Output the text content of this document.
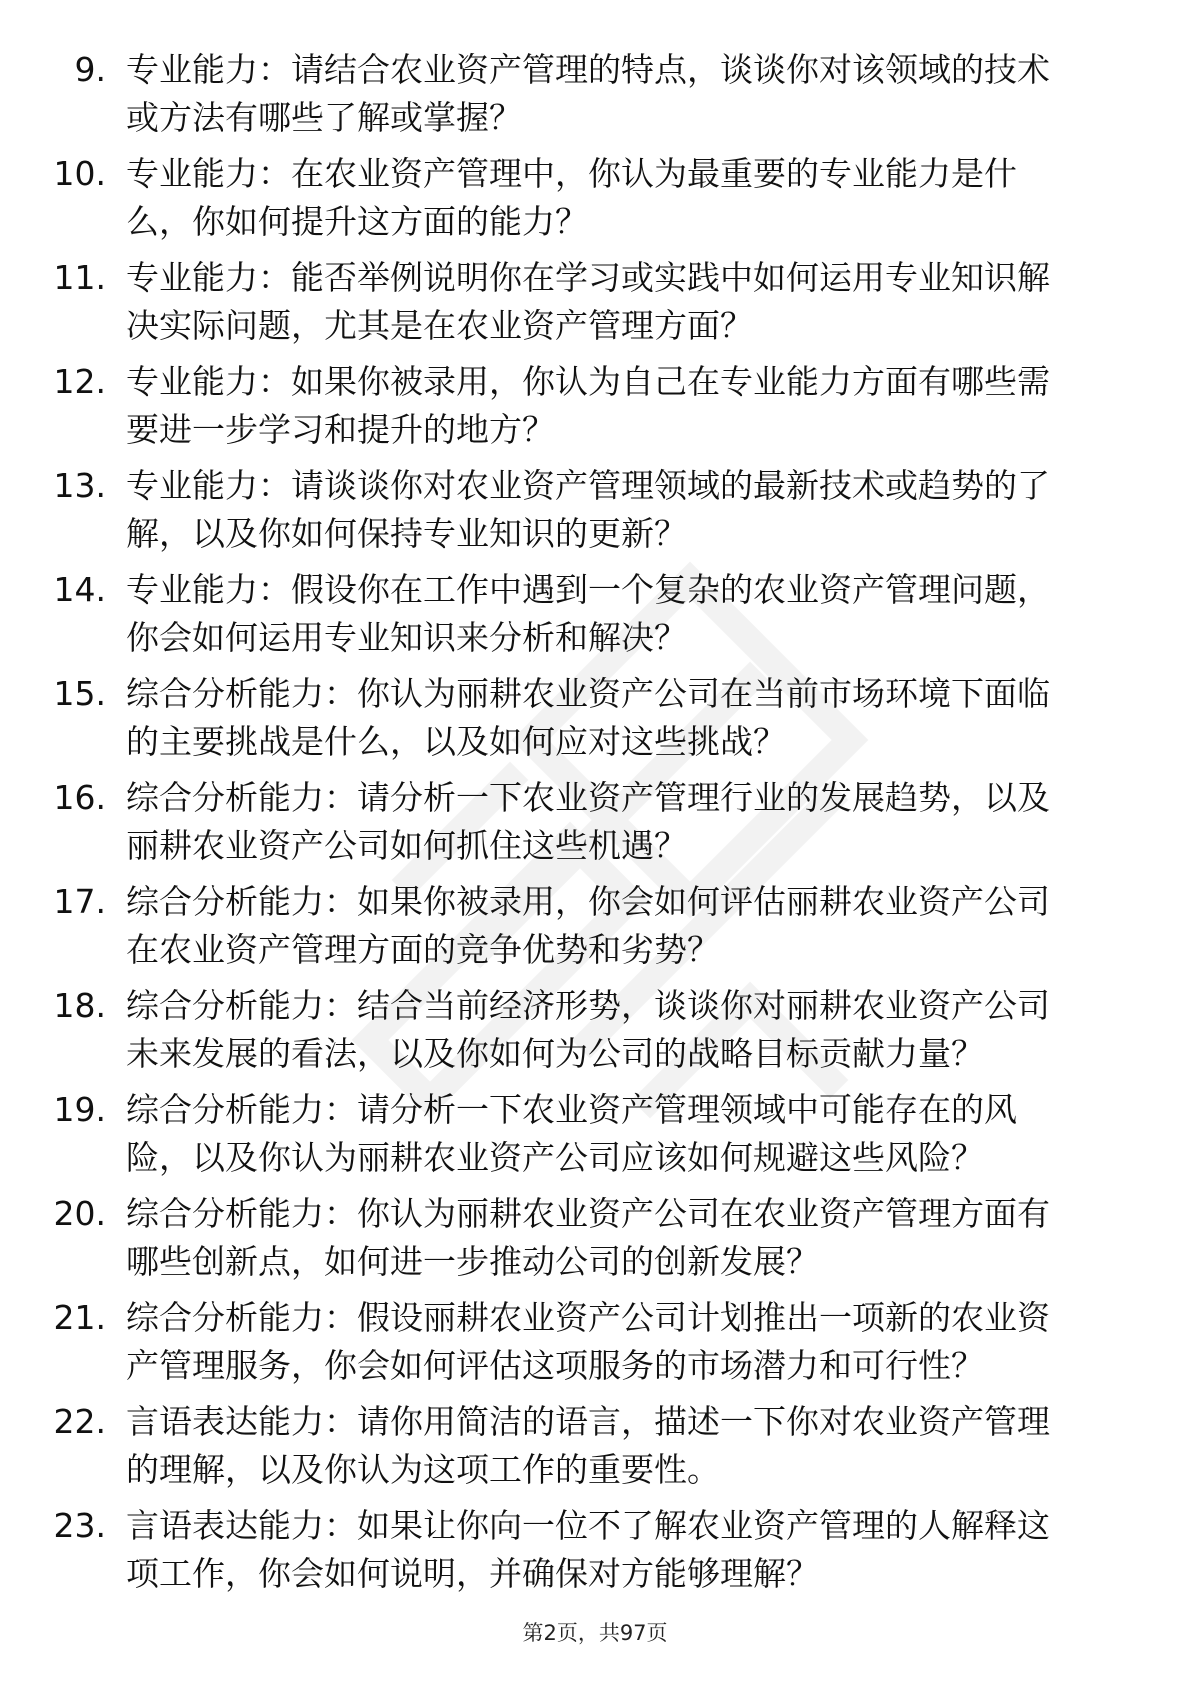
9. 专业能力：请结合农业资产管理的特点，谈谈你对该领域的技术
或方法有哪些了解或掌握？
10. 专业能力：在农业资产管理中，你认为最重要的专业能力是什
么，你如何提升这方面的能力？
11. 专业能力：能否举例说明你在学习或实践中如何运用专业知识解
决实际问题，尤其是在农业资产管理方面？
12. 专业能力：如果你被录用，你认为自己在专业能力方面有哪些需
要进一步学习和提升的地方？
13. 专业能力：请谈谈你对农业资产管理领域的最新技术或趋势的了
解，以及你如何保持专业知识的更新？
14. 专业能力：假设你在工作中遇到一个复杂的农业资产管理问题，
你会如何运用专业知识来分析和解决？
15. 综合分析能力：你认为丽耕农业资产公司在当前市场环境下面临
的主要挑战是什么，以及如何应对这些挑战？
16. 综合分析能力：请分析一下农业资产管理行业的发展趋势，以及
丽耕农业资产公司如何抓住这些机遇？
17. 综合分析能力：如果你被录用，你会如何评估丽耕农业资产公司
在农业资产管理方面的竞争优势和劣势？
18. 综合分析能力：结合当前经济形势，谈谈你对丽耕农业资产公司
未来发展的看法，以及你如何为公司的战略目标贡献力量？
19. 综合分析能力：请分析一下农业资产管理领域中可能存在的风
险，以及你认为丽耕农业资产公司应该如何规避这些风险？
20. 综合分析能力：你认为丽耕农业资产公司在农业资产管理方面有
哪些创新点，如何进一步推动公司的创新发展？
21. 综合分析能力：假设丽耕农业资产公司计划推出一项新的农业资
产管理服务，你会如何评估这项服务的市场潜力和可行性？
22. 言语表达能力：请你用简洁的语言，描述一下你对农业资产管理
的理解，以及你认为这项工作的重要性。
23. 言语表达能力：如果让你向一位不了解农业资产管理的人解释这
项工作，你会如何说明，并确保对方能够理解？
第2页，共97页
